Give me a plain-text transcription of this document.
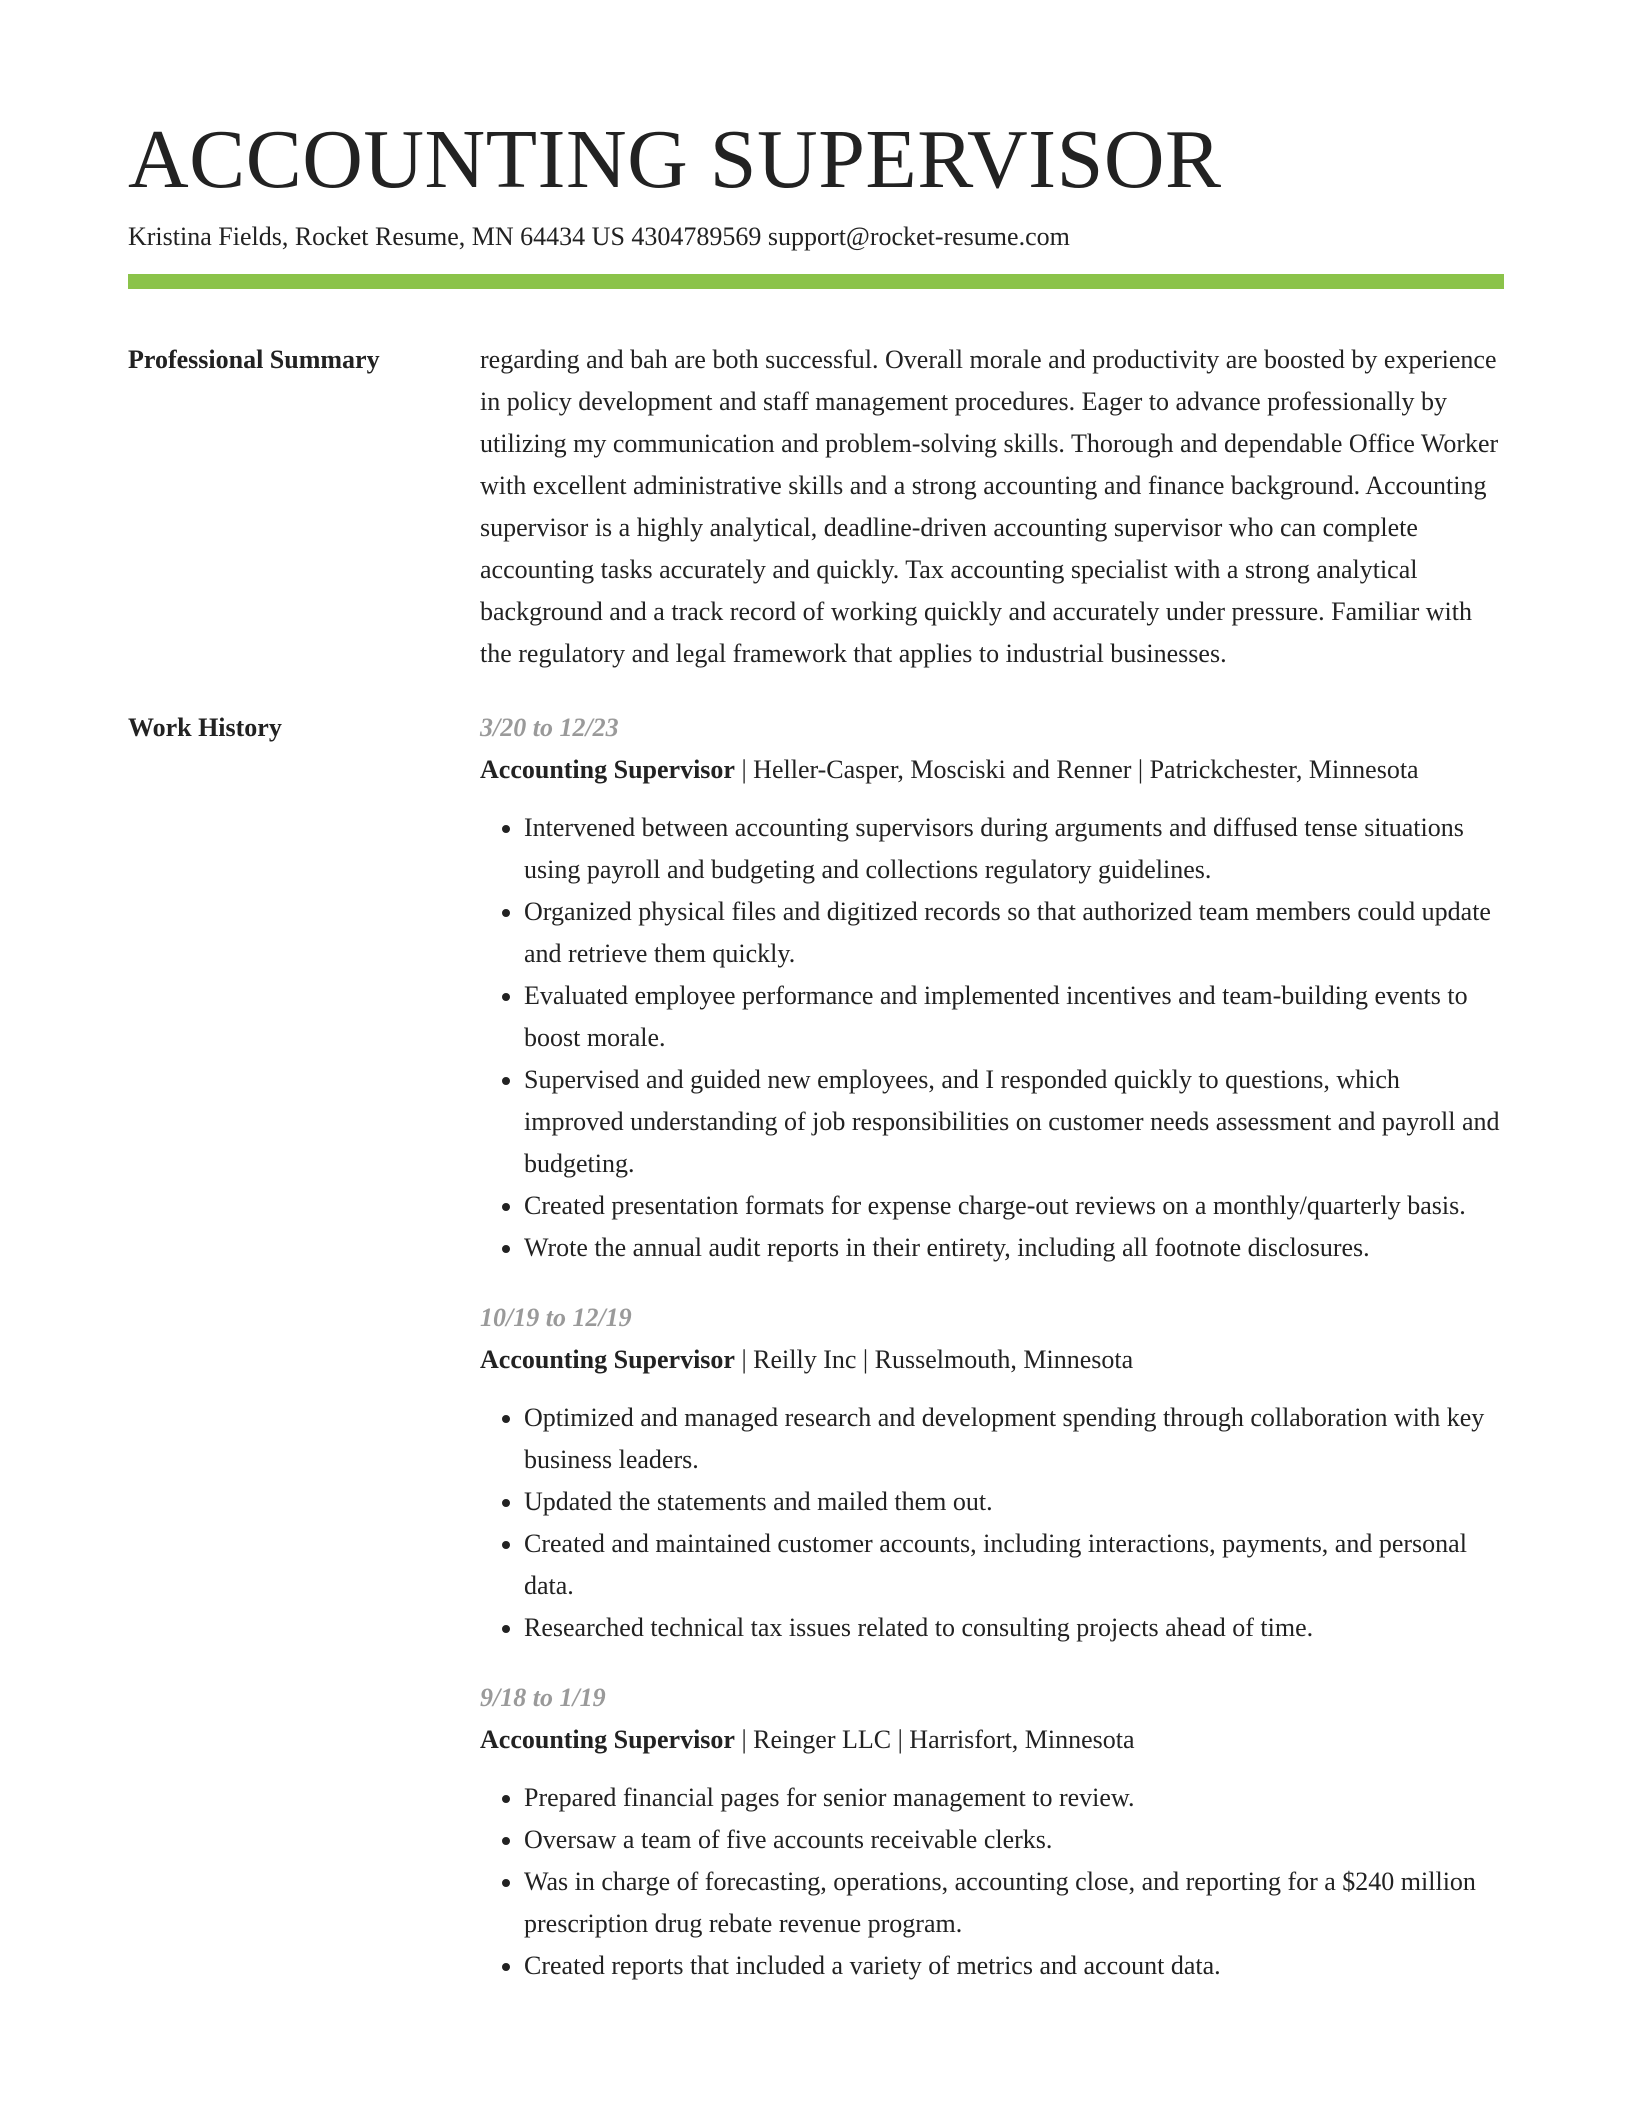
ACCOUNTING SUPERVISOR
Kristina Fields, Rocket Resume, MN 64434 US 4304789569 support@rocket-resume.com
Professional Summary	regarding and bah are both successful. Overall morale and productivity are boosted by experience in policy development and staff management procedures. Eager to advance professionally by utilizing my communication and problem-solving skills. Thorough and dependable Office Worker with excellent administrative skills and a strong accounting and finance background. Accounting supervisor is a highly analytical, deadline-driven accounting supervisor who can complete accounting tasks accurately and quickly. Tax accounting specialist with a strong analytical background and a track record of working quickly and accurately under pressure. Familiar with the regulatory and legal framework that applies to industrial businesses.
Work History	3/20 to 12/23
Accounting Supervisor | Heller-Casper, Mosciski and Renner | Patrickchester, Minnesota
• Intervened between accounting supervisors during arguments and diffused tense situations using payroll and budgeting and collections regulatory guidelines.
• Organized physical files and digitized records so that authorized team members could update and retrieve them quickly.
• Evaluated employee performance and implemented incentives and team-building events to boost morale.
• Supervised and guided new employees, and I responded quickly to questions, which improved understanding of job responsibilities on customer needs assessment and payroll and budgeting.
• Created presentation formats for expense charge-out reviews on a monthly/quarterly basis.
• Wrote the annual audit reports in their entirety, including all footnote disclosures.
10/19 to 12/19
Accounting Supervisor | Reilly Inc | Russelmouth, Minnesota
• Optimized and managed research and development spending through collaboration with key business leaders.
• Updated the statements and mailed them out.
• Created and maintained customer accounts, including interactions, payments, and personal data.
• Researched technical tax issues related to consulting projects ahead of time.
9/18 to 1/19
Accounting Supervisor | Reinger LLC | Harrisfort, Minnesota
• Prepared financial pages for senior management to review.
• Oversaw a team of five accounts receivable clerks.
• Was in charge of forecasting, operations, accounting close, and reporting for a $240 million prescription drug rebate revenue program.
• Created reports that included a variety of metrics and account data.
